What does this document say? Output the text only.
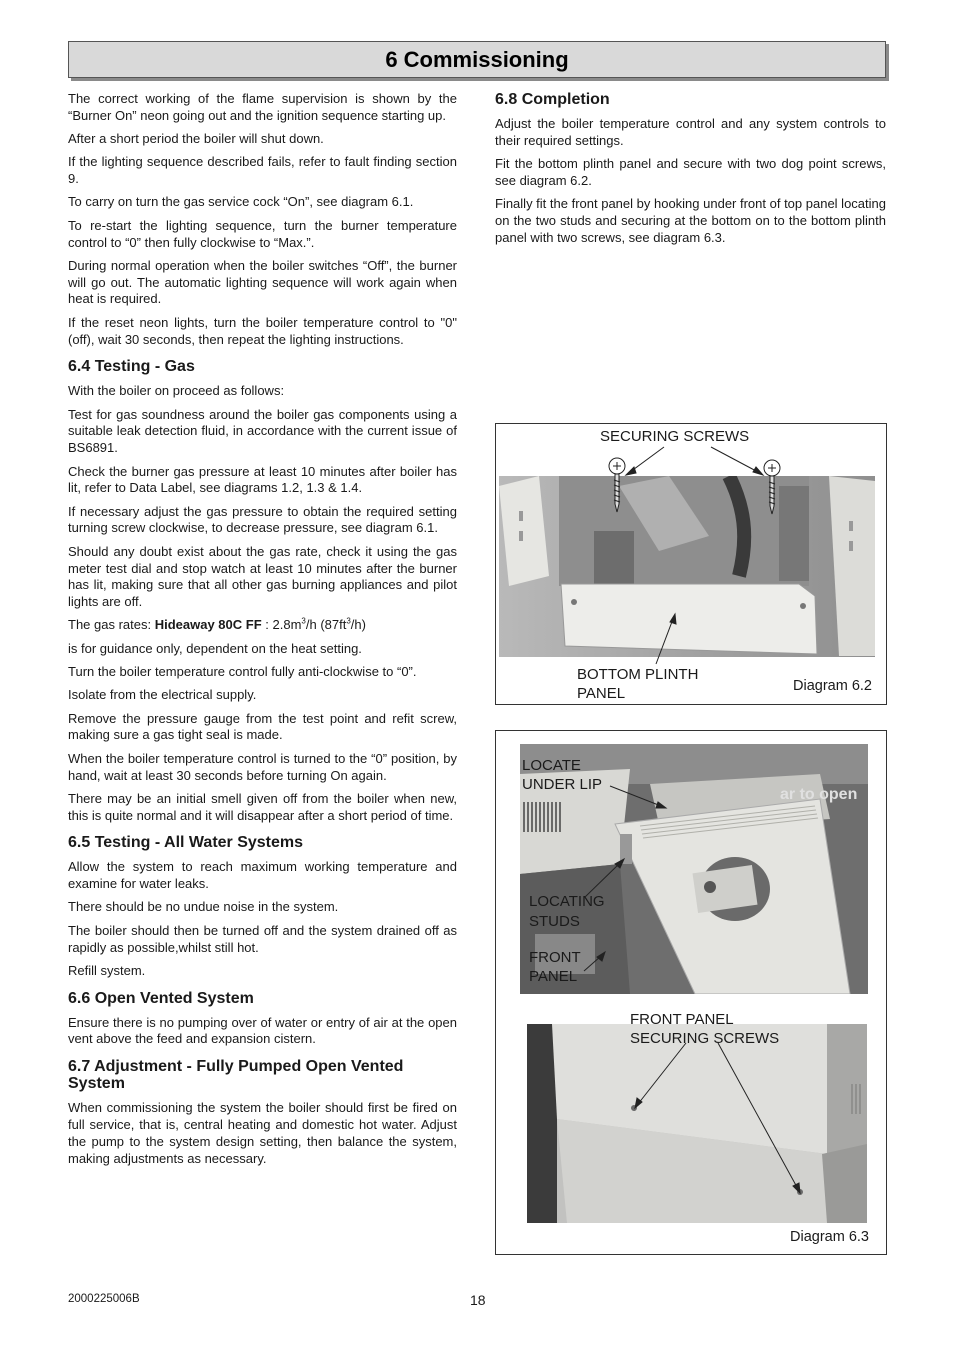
6 Commissioning

The correct working of the flame supervision is shown by the “Burner On” neon going out and the ignition sequence starting up.

After a short period the boiler will shut down.

If the lighting sequence described fails, refer to fault finding section 9.

To carry on turn the gas service cock “On”, see diagram 6.1.

To re-start the lighting sequence, turn the burner temperature control to “0” then fully clockwise to “Max.”.

During normal operation when the boiler switches “Off”, the burner will go out. The automatic lighting sequence will work again when heat is required.

If the reset neon lights, turn the boiler temperature control to "0" (off), wait 30 seconds, then repeat the lighting instructions.

6.4 Testing - Gas

With the boiler on proceed as follows:

Test for gas soundness around the boiler gas components using a suitable leak detection fluid, in accordance with the current issue of BS6891.

Check the burner gas pressure at least 10 minutes after boiler has lit, refer to Data Label, see diagrams 1.2, 1.3 & 1.4.

If necessary adjust the gas pressure to obtain the required setting turning screw clockwise, to decrease pressure, see diagram 6.1.

Should any doubt exist about the gas rate, check it using the gas meter test dial and stop watch at least 10 minutes after the burner has lit, making sure that all other gas burning appliances and pilot lights are off.

The gas rates: Hideaway 80C FF : $2.8m^3/h$ $(87ft^3/h)$

is for guidance only, dependent on the heat setting.

Turn the boiler temperature control fully anti-clockwise to “0”.

Isolate from the electrical supply.

Remove the pressure gauge from the test point and refit screw, making sure a gas tight seal is made.

When the boiler temperature control is turned to the “0” position, by hand, wait at least 30 seconds before turning On again.

There may be an initial smell given off from the boiler when new, this is quite normal and it will disappear after a short period of time.

6.5 Testing - All Water Systems

Allow the system to reach maximum working temperature and examine for water leaks.

There should be no undue noise in the system.

The boiler should then be turned off and the system drained off as rapidly as possible,whilst still hot.

Refill system.

6.6 Open Vented System

Ensure there is no pumping over of water or entry of air at the open vent above the feed and expansion cistern.

6.7 Adjustment - Fully Pumped Open Vented System

When commissioning the system the boiler should first be fired on full service, that is, central heating and domestic hot water. Adjust the pump to the system design setting, then balance the system, making adjustments as necessary.

6.8 Completion

Adjust the boiler temperature control and any system controls to their required settings.

Fit the bottom plinth panel and secure with two dog point screws, see diagram 6.2.

Finally fit the front panel by hooking under front of top panel locating on the two studs and securing at the bottom on to the bottom plinth panel with two screws, see diagram 6.3.

SECURING SCREWS
BOTTOM PLINTH
PANEL	Diagram 6.2
ar to open
LOCATE
UNDER LIP
LOCATING
STUDS
FRONT
PANEL
FRONT PANEL
SECURING SCREWS
Diagram 6.3
2000225006B	18
